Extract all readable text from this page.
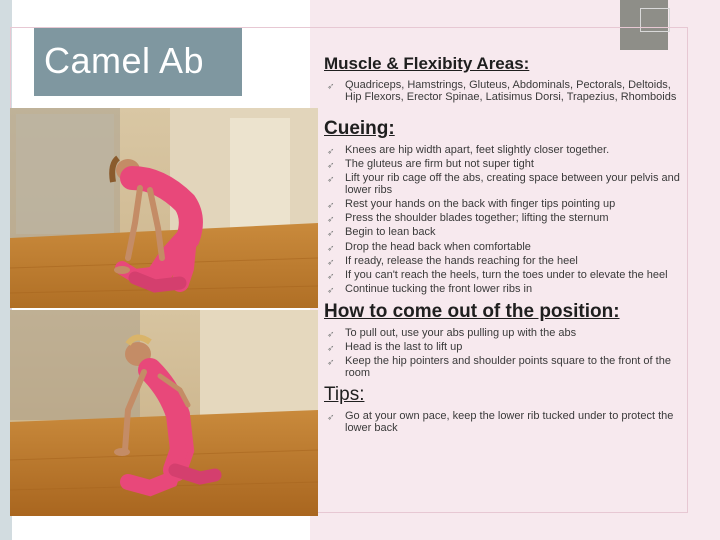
Camel Ab	Muscle & Flexibity Areas:
➶ Quadriceps, Hamstrings, Gluteus, Abdominals, Pectorals, Deltoids, Hip Flexors, Erector Spinae, Latisimus Dorsi, Trapezius, Rhomboids
Cueing:
➶ Knees are hip width apart, feet slightly closer together.
➶ The gluteus are firm but not super tight
➶ Lift your rib cage off the abs, creating space between your pelvis and lower ribs
➶ Rest your hands on the back with finger tips pointing up
➶ Press the shoulder blades together; lifting the sternum
➶ Begin to lean back
➶ Drop the head back when comfortable
➶ If ready, release the hands reaching for the heel
➶ If you can't reach the heels, turn the toes under to elevate the heel
➶ Continue tucking the front lower ribs in
How to come out of the position:
➶ To pull out, use your abs pulling up with the abs
➶ Head is the last to lift up
➶ Keep the hip pointers and shoulder points square to the front of the room
Tips:
➶ Go at your own pace, keep the lower rib tucked under to protect the lower back
